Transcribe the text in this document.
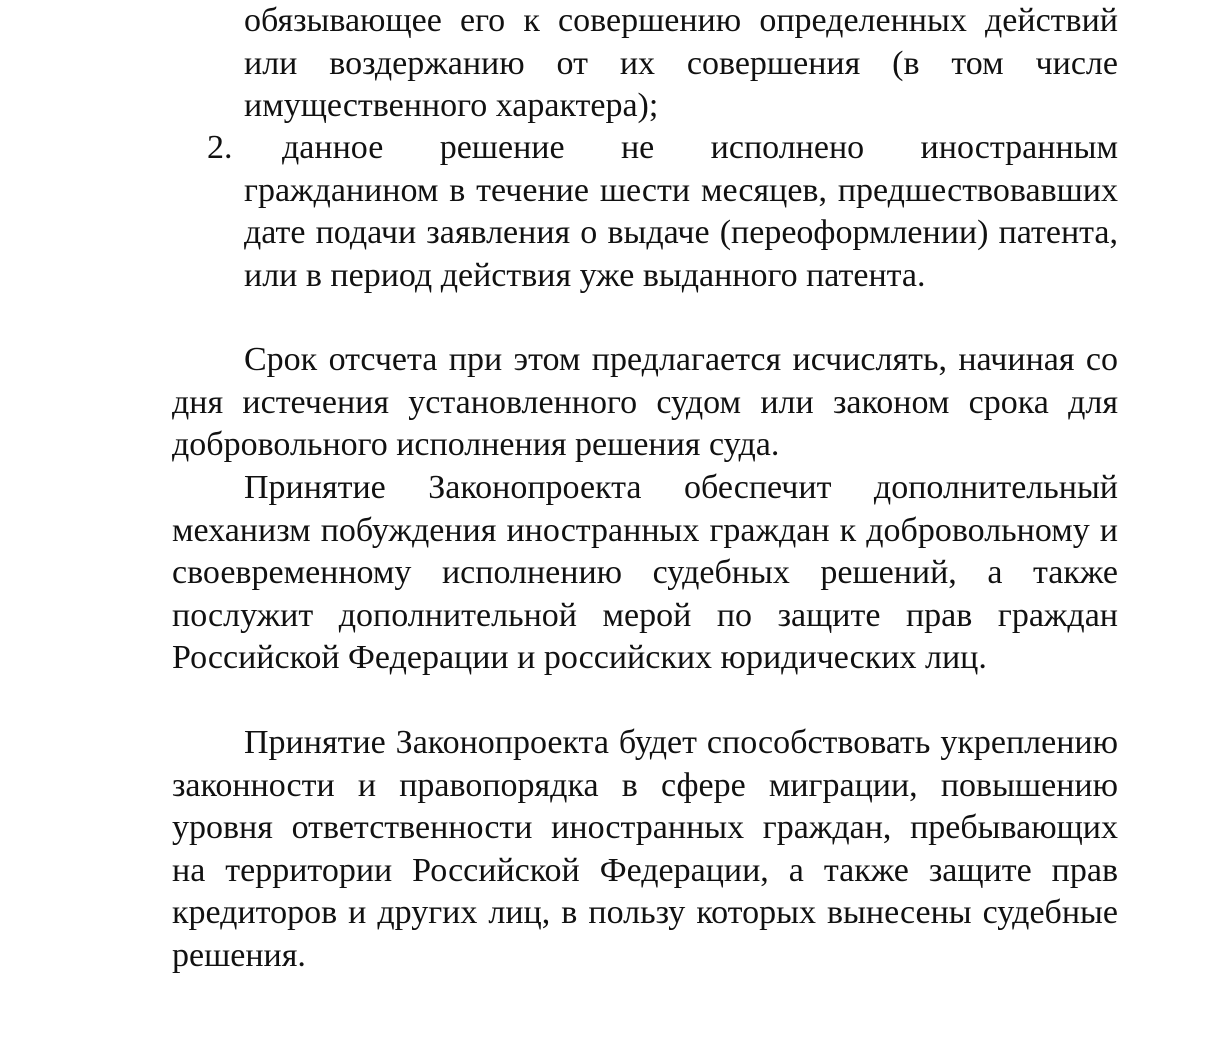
обязывающее его к совершению определенных действий или воздержанию от их совершения (в том числе имущественного характера);

2.	данное решение не исполнено иностранным гражданином в течение шести месяцев, предшествовавших дате подачи заявления о выдаче (переоформлении) патента, или в период действия уже выданного патента.

Срок отсчета при этом предлагается исчислять, начиная со дня истечения установленного судом или законом срока для добровольного исполнения решения суда.

Принятие Законопроекта обеспечит дополнительный механизм побуждения иностранных граждан к добровольному и своевременному исполнению судебных решений, а также послужит дополнительной мерой по защите прав граждан Российской Федерации и российских юридических лиц.

Принятие Законопроекта будет способствовать укреплению законности и правопорядка в сфере миграции, повышению уровня ответственности иностранных граждан, пребывающих на территории Российской Федерации, а также защите прав кредиторов и других лиц, в пользу которых вынесены судебные решения.
